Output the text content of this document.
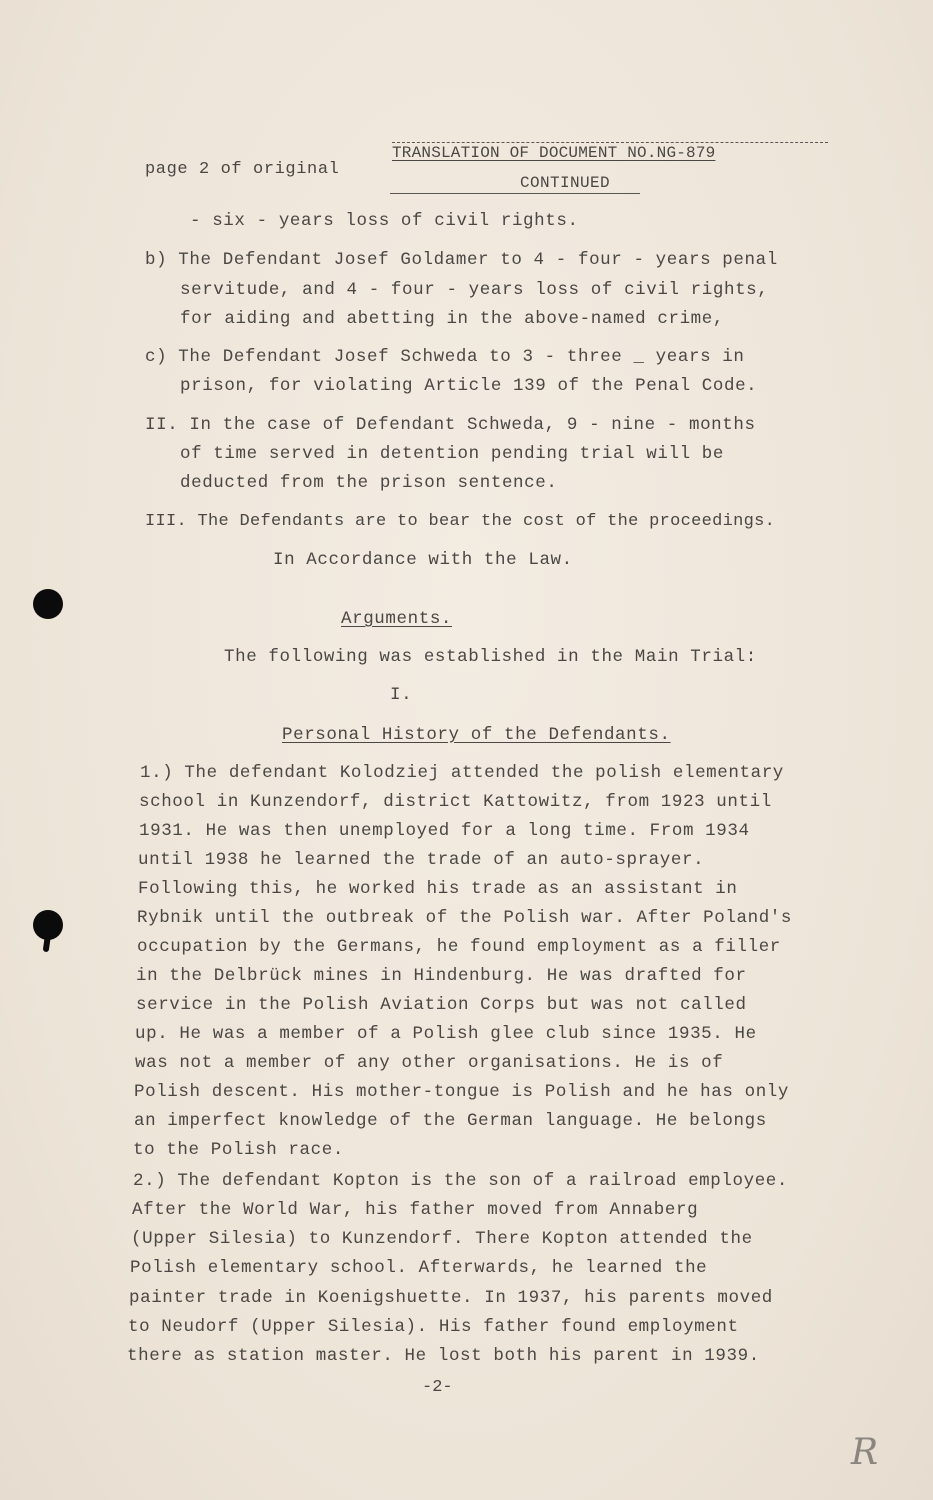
page 2 of original
TRANSLATION OF DOCUMENT NO.NG-879
CONTINUED
- six - years loss of civil rights.
b) The Defendant Josef Goldamer to 4 - four - years penal
servitude, and 4 - four - years loss of civil rights,
for aiding and abetting in the above-named crime,
c) The Defendant Josef Schweda to 3 - three _ years in
prison, for violating Article 139 of the Penal Code.
II. In the case of Defendant Schweda, 9 - nine - months
of time served in detention pending trial will be
deducted from the prison sentence.
III. The Defendants are to bear the cost of the proceedings.
In Accordance with the Law.
Arguments.
The following was established in the Main Trial:
I.
Personal History of the Defendants.
1.) The defendant Kolodziej attended the polish elementary
school in Kunzendorf, district Kattowitz, from 1923 until
1931. He was then unemployed for a long time. From 1934
until 1938 he learned the trade of an auto-sprayer.
Following this, he worked his trade as an assistant in
Rybnik until the outbreak of the Polish war. After Poland's
occupation by the Germans, he found employment as a filler
in the Delbrück mines in Hindenburg. He was drafted for
service in the Polish Aviation Corps but was not called
up. He was a member of a Polish glee club since 1935. He
was not a member of any other organisations. He is of
Polish descent. His mother-tongue is Polish and he has only
an imperfect knowledge of the German language. He belongs
to the Polish race.
2.) The defendant Kopton is the son of a railroad employee.
After the World War, his father moved from Annaberg
(Upper Silesia) to Kunzendorf. There Kopton attended the
Polish elementary school. Afterwards, he learned the
painter trade in Koenigshuette. In 1937, his parents moved
to Neudorf (Upper Silesia). His father found employment
there as station master. He lost both his parent in 1939.
-2-
R
